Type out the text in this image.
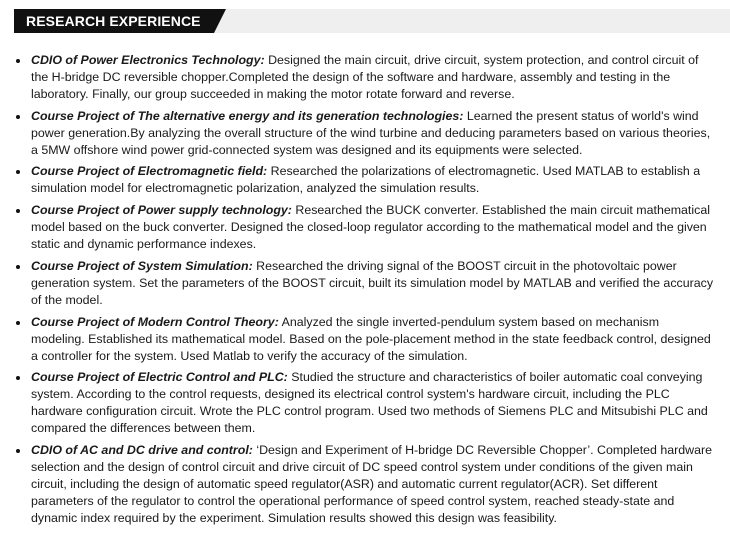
RESEARCH EXPERIENCE
CDIO of Power Electronics Technology: Designed the main circuit, drive circuit, system protection, and control circuit of the H-bridge DC reversible chopper.Completed the design of the software and hardware, assembly and testing in the laboratory. Finally, our group succeeded in making the motor rotate forward and reverse.
Course Project of The alternative energy and its generation technologies: Learned the present status of world's wind power generation.By analyzing the overall structure of the wind turbine and deducing parameters based on various theories, a 5MW offshore wind power grid-connected system was designed and its equipments were selected.
Course Project of Electromagnetic field: Researched the polarizations of electromagnetic. Used MATLAB to establish a simulation model for electromagnetic polarization, analyzed the simulation results.
Course Project of Power supply technology: Researched the BUCK converter. Established the main circuit mathematical model based on the buck converter. Designed the closed-loop regulator according to the mathematical model and the given static and dynamic performance indexes.
Course Project of System Simulation: Researched the driving signal of the BOOST circuit in the photovoltaic power generation system. Set the parameters of the BOOST circuit, built its simulation model by MATLAB and verified the accuracy of the model.
Course Project of Modern Control Theory: Analyzed the single inverted-pendulum system based on mechanism modeling. Established its mathematical model. Based on the pole-placement method in the state feedback control, designed a controller for the system. Used Matlab to verify the accuracy of the simulation.
Course Project of Electric Control and PLC: Studied the structure and characteristics of boiler automatic coal conveying system. According to the control requests, designed its electrical control system's hardware circuit, including the PLC hardware configuration circuit. Wrote the PLC control program. Used two methods of Siemens PLC and Mitsubishi PLC and compared the differences between them.
CDIO of AC and DC drive and control: ‘Design and Experiment of H-bridge DC Reversible Chopper’. Completed hardware selection and the design of control circuit and drive circuit of DC speed control system under conditions of the given main circuit, including the design of automatic speed regulator(ASR) and automatic current regulator(ACR). Set different parameters of the regulator to control the operational performance of speed control system, reached steady-state and dynamic index required by the experiment. Simulation results showed this design was feasibility.
